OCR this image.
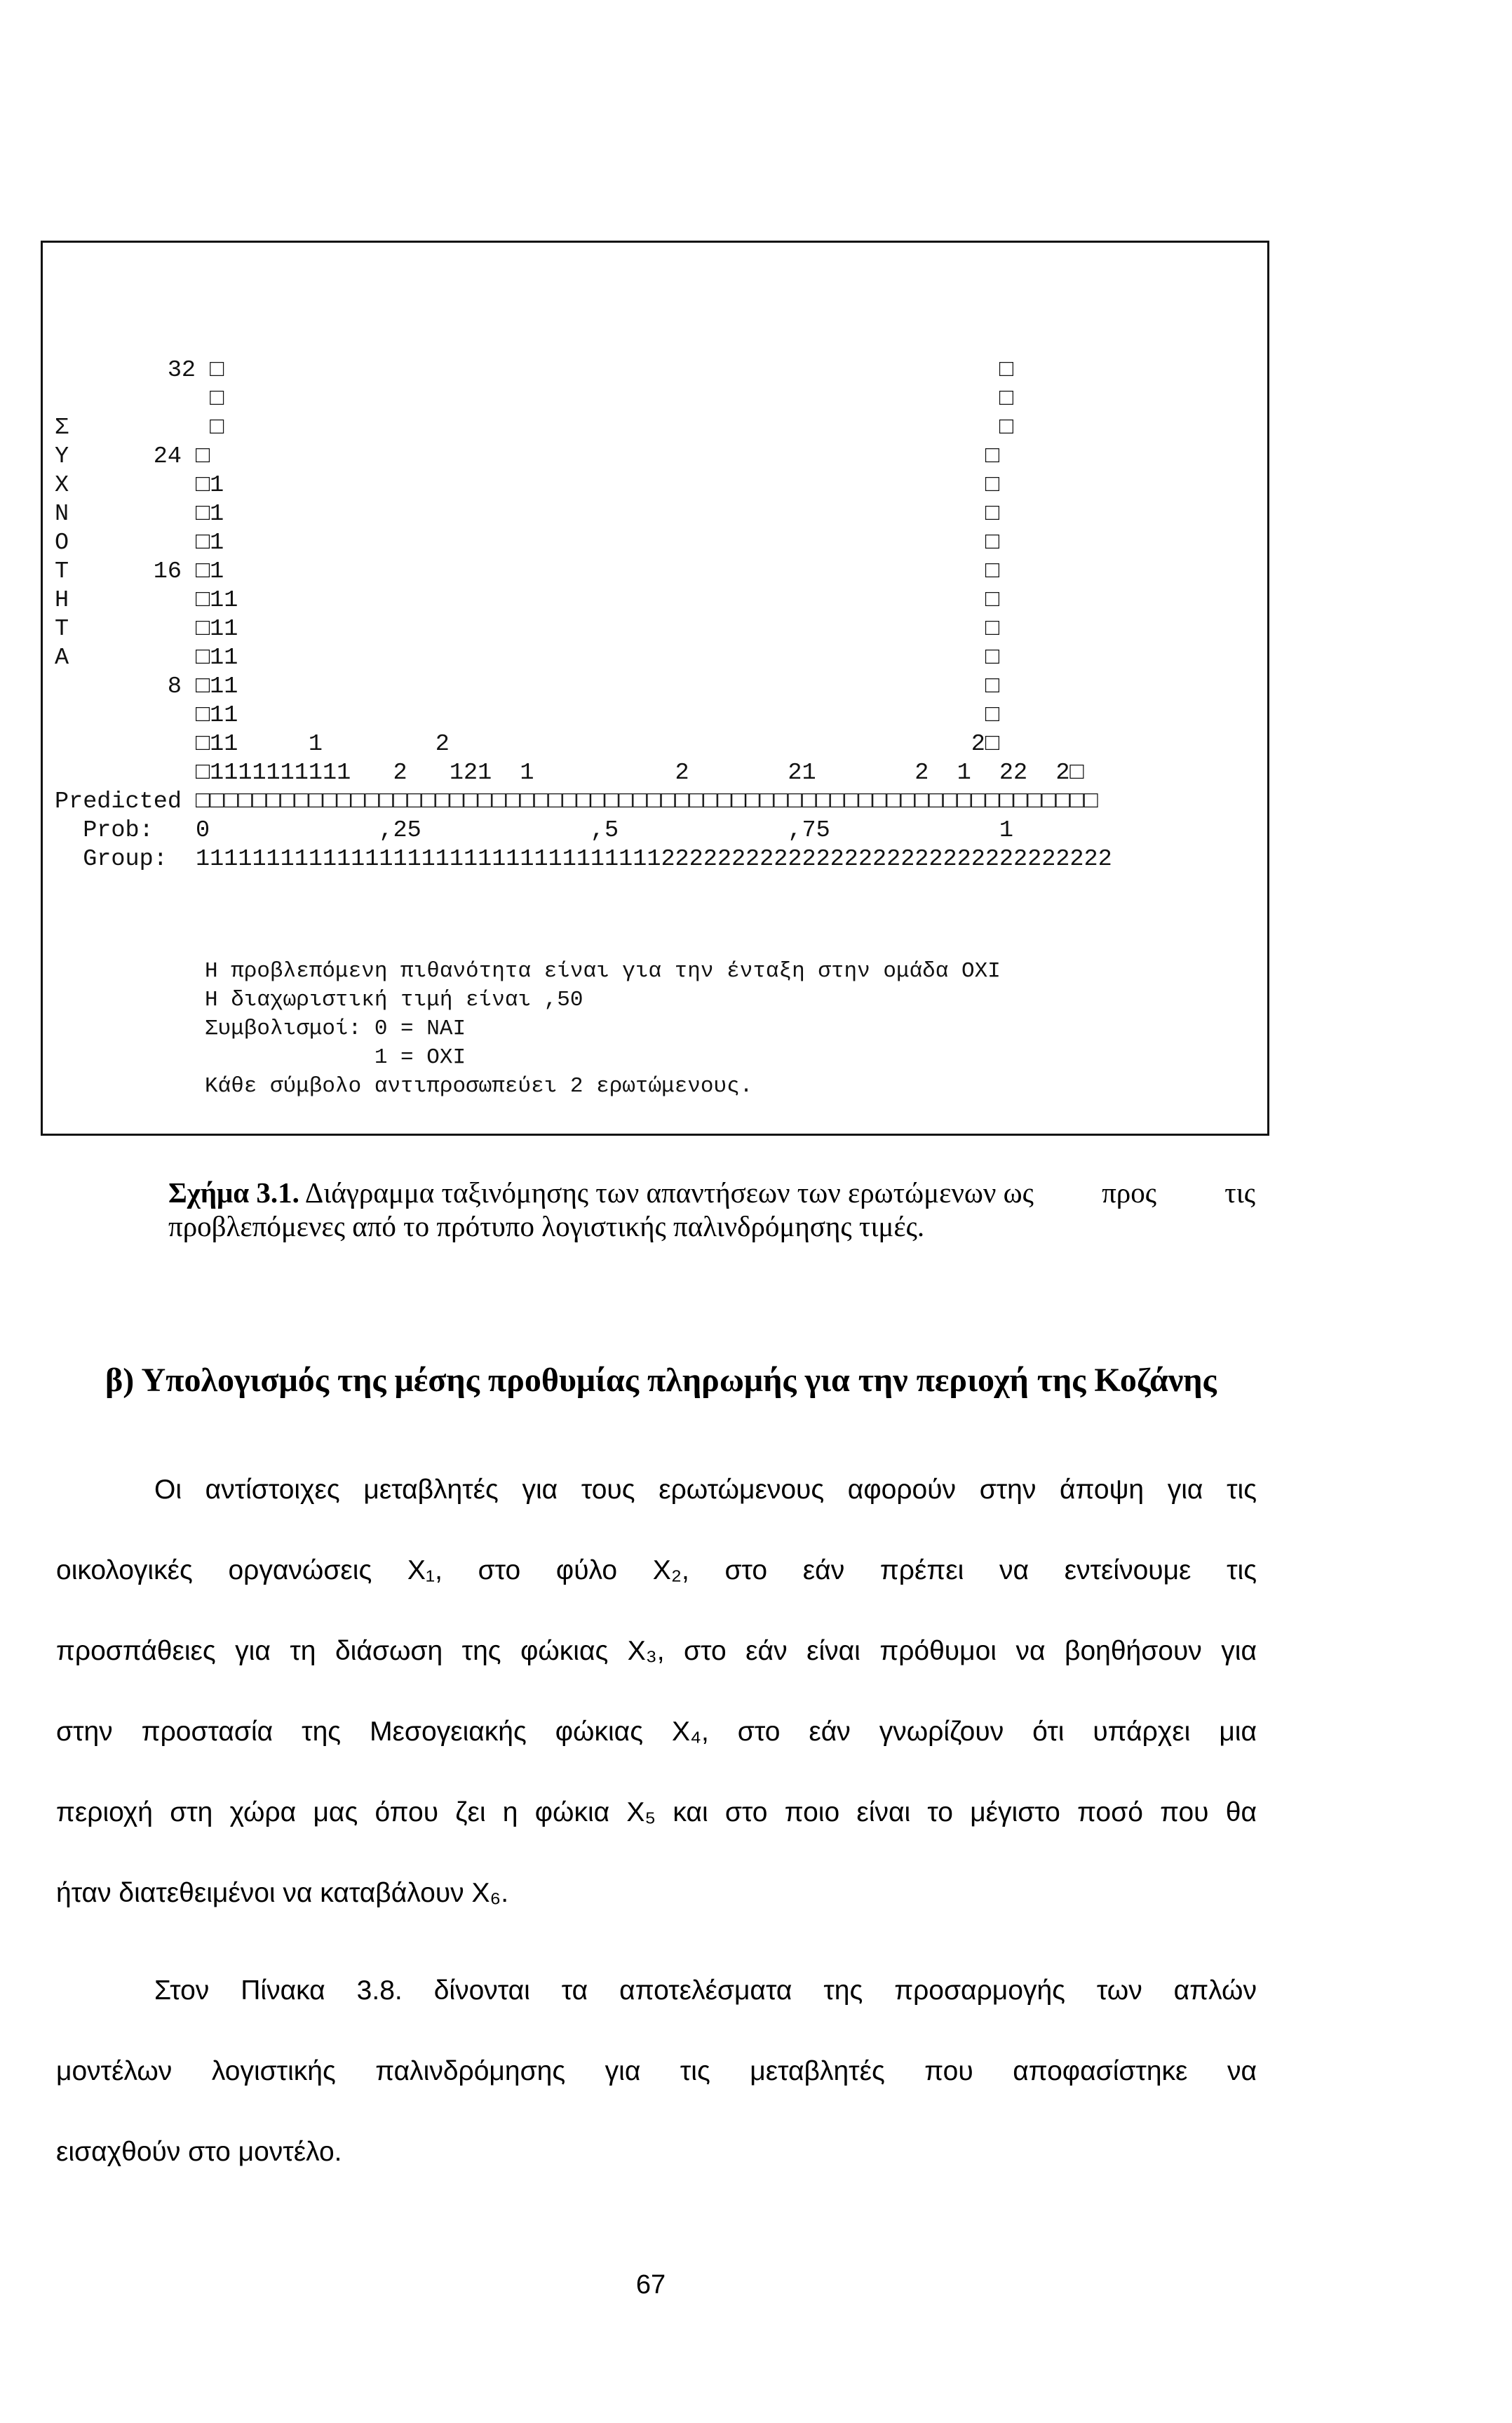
32 □                                                       □
□                                                       □
Σ          □                                                       □
Υ      24 □                                                       □
Χ         □1                                                      □
Ν         □1                                                      □
Ο         □1                                                      □
Τ      16 □1                                                      □
Η         □11                                                     □
Τ         □11                                                     □
Α         □11                                                     □
8 □11                                                     □
□11                                                     □
□11     1        2                                     2□
□1111111111   2   121  1          2       21       2  1  22  2□
Predicted □□□□□□□□□□□□□□□□□□□□□□□□□□□□□□□□□□□□□□□□□□□□□□□□□□□□□□□□□□□□□□□□
Prob:   0            ,25            ,5            ,75            1
Group:  11111111111111111111111111111111122222222222222222222222222222222
Η προβλεπόμενη πιθανότητα είναι για την ένταξη στην ομάδα ΟΧΙ
Η διαχωριστική τιμή είναι ,50
Συμβολισμοί: 0 = ΝΑΙ
1 = ΟΧΙ
Κάθε σύμβολο αντιπροσωπεύει 2 ερωτώμενους.
Σχήμα 3.1. Διάγραμμα ταξινόμησης των απαντήσεων των ερωτώμενων ως προς τις
προβλεπόμενες από το πρότυπο λογιστικής παλινδρόμησης τιμές.
β) Υπολογισμός της μέσης προθυμίας πληρωμής για την περιοχή της Κοζάνης
Οι αντίστοιχες μεταβλητές για τους ερωτώμενους αφορούν στην άποψη για τις
οικολογικές οργανώσεις X₁, στο φύλο X₂, στο εάν πρέπει να εντείνουμε τις
προσπάθειες για τη διάσωση της φώκιας X₃, στο εάν είναι πρόθυμοι να βοηθήσουν για
στην προστασία της Μεσογειακής φώκιας X₄, στο εάν γνωρίζουν ότι υπάρχει μια
περιοχή στη χώρα μας όπου ζει η φώκια X₅ και στο ποιο είναι το μέγιστο ποσό που θα
ήταν διατεθειμένοι να καταβάλουν X₆.
Στον Πίνακα 3.8. δίνονται τα αποτελέσματα της προσαρμογής των απλών
μοντέλων λογιστικής παλινδρόμησης για τις μεταβλητές που αποφασίστηκε να
εισαχθούν στο μοντέλο.
67
